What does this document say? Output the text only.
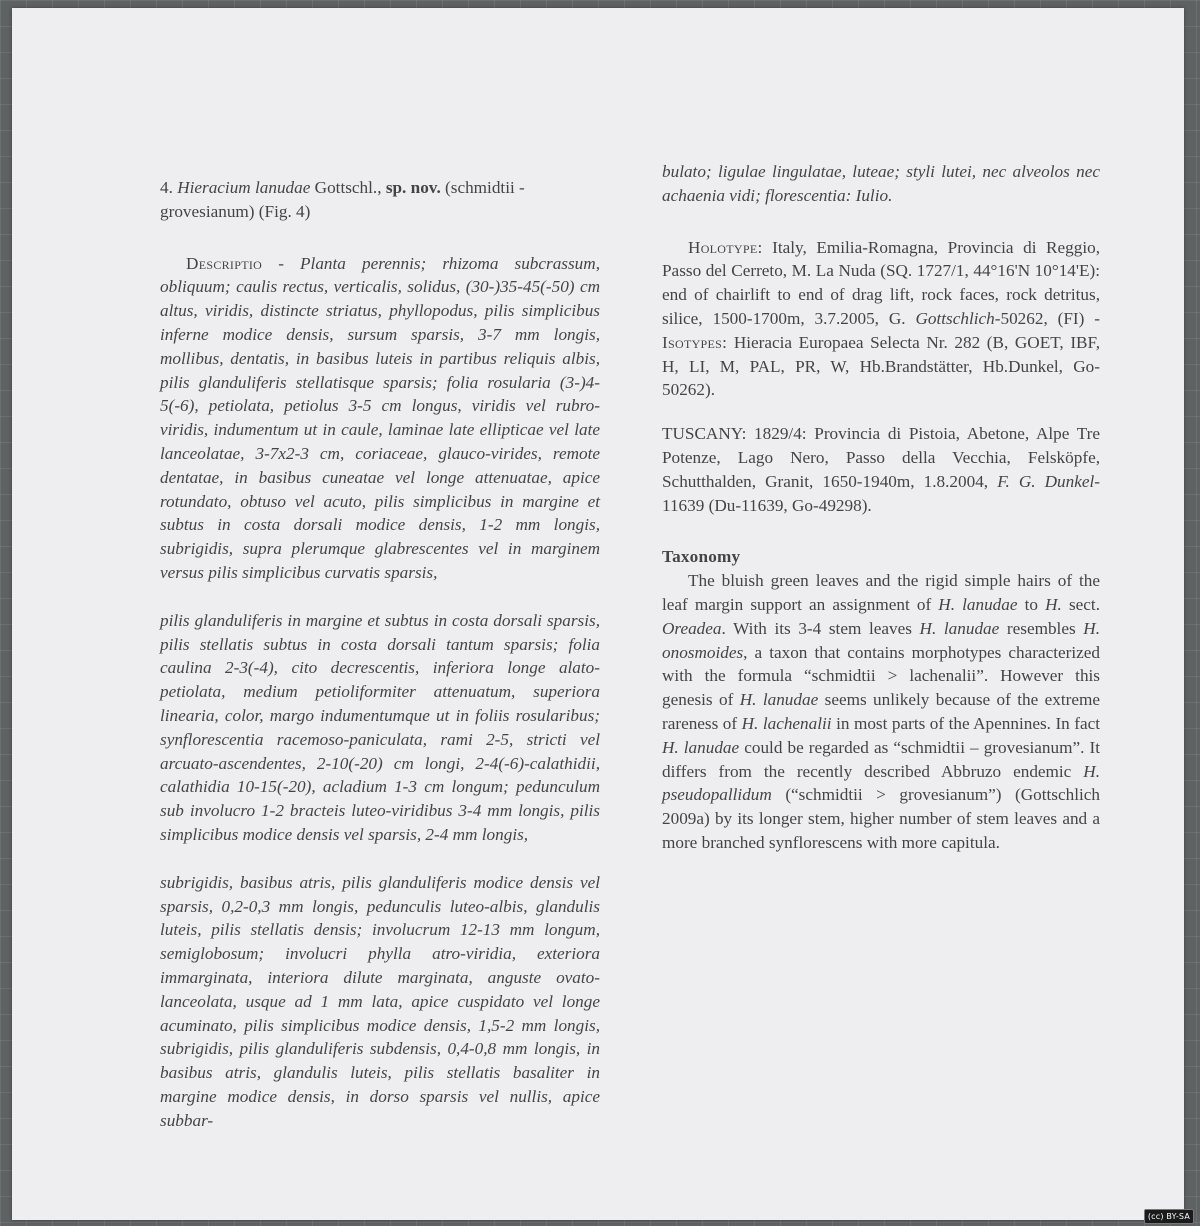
4. Hieracium lanudae Gottschl., sp. nov. (schmidtii - grovesianum) (Fig. 4)

Descriptio - Planta perennis; rhizoma subcrassum, obliquum; caulis rectus, verticalis, solidus, (30-)35-45(-50) cm altus, viridis, distincte striatus, phyllopodus, pilis simplicibus inferne modice densis, sursum sparsis, 3-7 mm longis, mollibus, dentatis, in basibus luteis in partibus reliquis albis, pilis glanduliferis stellatisque sparsis; folia rosularia (3-)4-5(-6), petiolata, petiolus 3-5 cm longus, viridis vel rubro-viridis, indumentum ut in caule, laminae late ellipticae vel late lanceolatae, 3-7x2-3 cm, coriaceae, glauco-virides, remote dentatae, in basibus cuneatae vel longe attenuatae, apice rotundato, obtuso vel acuto, pilis simplicibus in margine et subtus in costa dorsali modice densis, 1-2 mm longis, subrigidis, supra plerumque glabrescentes vel in marginem versus pilis simplicibus curvatis sparsis,

pilis glanduliferis in margine et subtus in costa dorsali sparsis, pilis stellatis subtus in costa dorsali tantum sparsis; folia caulina 2-3(-4), cito decrescentis, inferiora longe alato-petiolata, medium petioliformiter attenuatum, superiora linearia, color, margo indumentumque ut in foliis rosularibus; synflorescentia racemoso-paniculata, rami 2-5, stricti vel arcuato-ascendentes, 2-10(-20) cm longi, 2-4(-6)-calathidii, calathidia 10-15(-20), acladium 1-3 cm longum; pedunculum sub involucro 1-2 bracteis luteo-viridibus 3-4 mm longis, pilis simplicibus modice densis vel sparsis, 2-4 mm longis,

subrigidis, basibus atris, pilis glanduliferis modice densis vel sparsis, 0,2-0,3 mm longis, pedunculis luteo-albis, glandulis luteis, pilis stellatis densis; involucrum 12-13 mm longum, semiglobosum; involucri phylla atro-viridia, exteriora immarginata, interiora dilute marginata, anguste ovato-lanceolata, usque ad 1 mm lata, apice cuspidato vel longe acuminato, pilis simplicibus modice densis, 1,5-2 mm longis, subrigidis, pilis glanduliferis subdensis, 0,4-0,8 mm longis, in basibus atris, glandulis luteis, pilis stellatis basaliter in margine modice densis, in dorso sparsis vel nullis, apice subbar-

bulato; ligulae lingulatae, luteae; styli lutei, nec alveolos nec achaenia vidi; florescentia: Iulio.

Holotype: Italy, Emilia-Romagna, Provincia di Reggio, Passo del Cerreto, M. La Nuda (SQ. 1727/1, 44°16'N 10°14'E): end of chairlift to end of drag lift, rock faces, rock detritus, silice, 1500-1700m, 3.7.2005, G. Gottschlich-50262, (FI) - Isotypes: Hieracia Europaea Selecta Nr. 282 (B, GOET, IBF, H, LI, M, PAL, PR, W, Hb.Brandstätter, Hb.Dunkel, Go-50262).

TUSCANY: 1829/4: Provincia di Pistoia, Abetone, Alpe Tre Potenze, Lago Nero, Passo della Vecchia, Felsköpfe, Schutthalden, Granit, 1650-1940m, 1.8.2004, F. G. Dunkel-11639 (Du-11639, Go-49298).

Taxonomy

The bluish green leaves and the rigid simple hairs of the leaf margin support an assignment of H. lanudae to H. sect. Oreadea. With its 3-4 stem leaves H. lanudae resembles H. onosmoides, a taxon that contains morphotypes characterized with the formula “schmidtii > lachenalii”. However this genesis of H. lanudae seems unlikely because of the extreme rareness of H. lachenalii in most parts of the Apennines. In fact H. lanudae could be regarded as “schmidtii – grovesianum”. It differs from the recently described Abbruzo endemic H. pseudopallidum (“schmidtii > grovesianum”) (Gottschlich 2009a) by its longer stem, higher number of stem leaves and a more branched synflorescens with more capitula.

(cc) BY-SA
